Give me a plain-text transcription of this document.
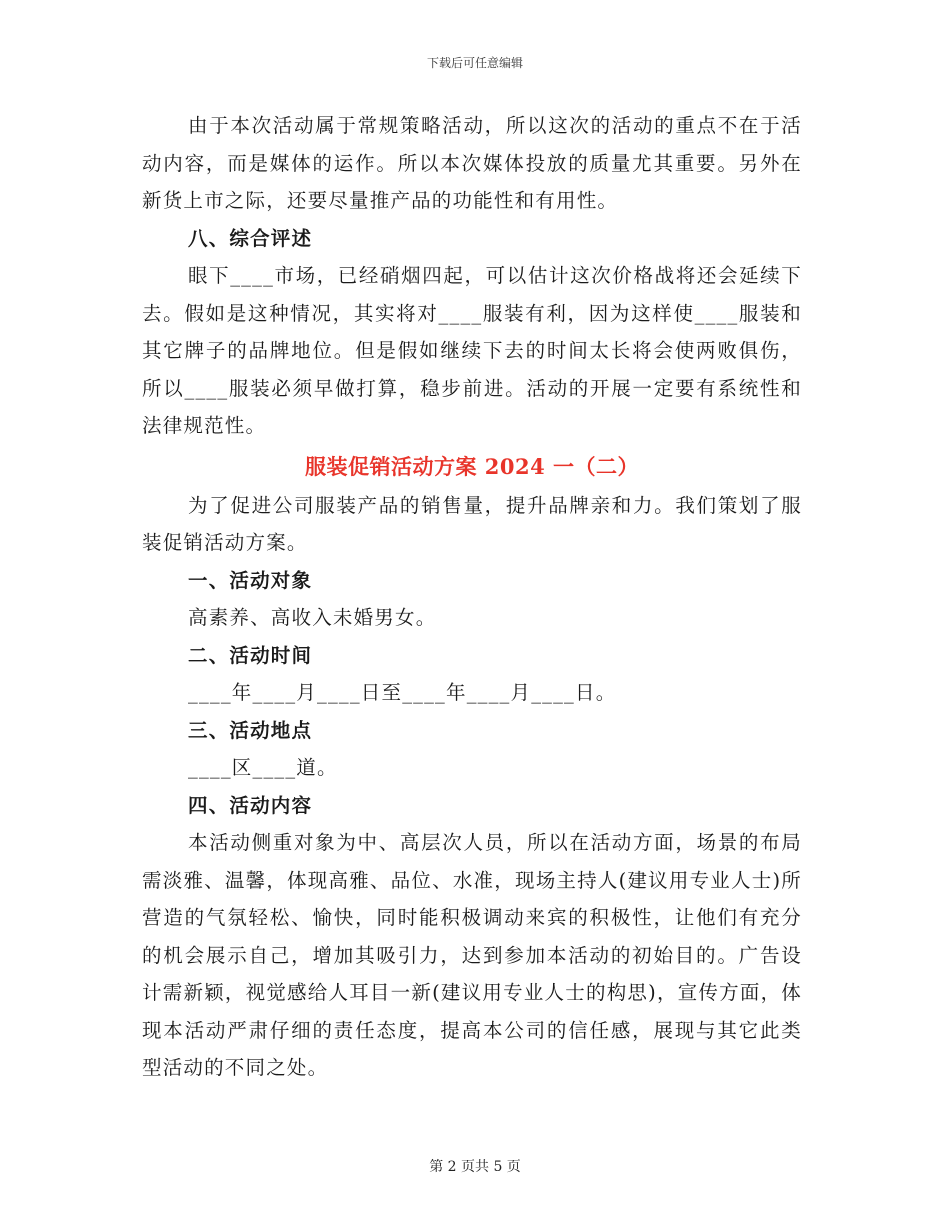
下载后可任意编辑

由于本次活动属于常规策略活动，所以这次的活动的重点不在于活动内容，而是媒体的运作。所以本次媒体投放的质量尤其重要。另外在新货上市之际，还要尽量推产品的功能性和有用性。

八、综合评述

眼下____市场，已经硝烟四起，可以估计这次价格战将还会延续下去。假如是这种情况，其实将对____服装有利，因为这样使____服装和其它牌子的品牌地位。但是假如继续下去的时间太长将会使两败俱伤，所以____服装必须早做打算，稳步前进。活动的开展一定要有系统性和法律规范性。

服装促销活动方案 2024 一（二）

为了促进公司服装产品的销售量，提升品牌亲和力。我们策划了服装促销活动方案。

一、活动对象

高素养、高收入未婚男女。

二、活动时间

____年____月____日至____年____月____日。

三、活动地点

____区____道。

四、活动内容

本活动侧重对象为中、高层次人员，所以在活动方面，场景的布局需淡雅、温馨，体现高雅、品位、水准，现场主持人(建议用专业人士)所营造的气氛轻松、愉快，同时能积极调动来宾的积极性，让他们有充分的机会展示自己，增加其吸引力，达到参加本活动的初始目的。广告设计需新颖，视觉感给人耳目一新(建议用专业人士的构思)，宣传方面，体现本活动严肃仔细的责任态度，提高本公司的信任感，展现与其它此类型活动的不同之处。

第 2 页共 5 页
